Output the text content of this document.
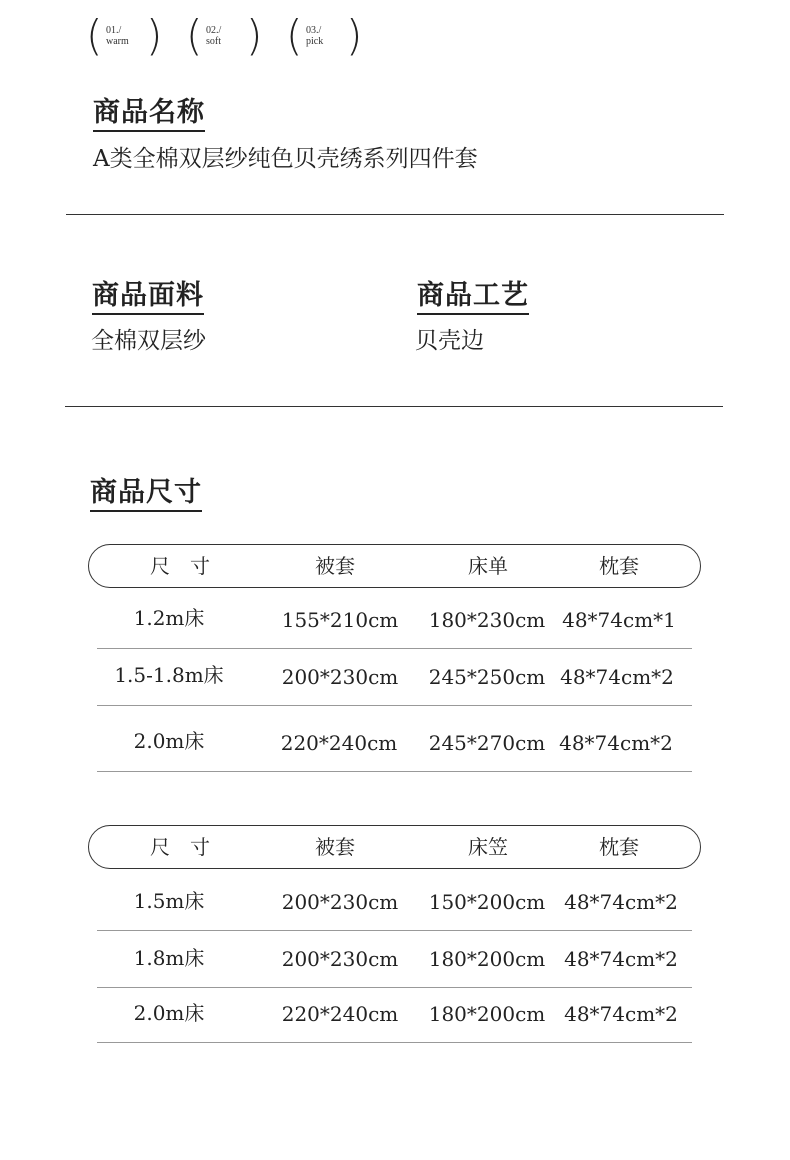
( 01./
warm ) ( 02./
soft ) ( 03./
pick )
商品名称
A类全棉双层纱纯色贝壳绣系列四件套
商品面料
全棉双层纱
商品工艺
贝壳边
商品尺寸
尺　寸	被套	床单	枕套
1.2m床	155*210cm	180*230cm 48*74cm*1
1.5-1.8m床	200*230cm	245*250cm 48*74cm*2
2.0m床	220*240cm	245*270cm 48*74cm*2
尺　寸	被套	床笠	枕套
1.5m床	200*230cm	150*200cm 48*74cm*2
1.8m床	200*230cm	180*200cm 48*74cm*2
2.0m床	220*240cm	180*200cm 48*74cm*2
